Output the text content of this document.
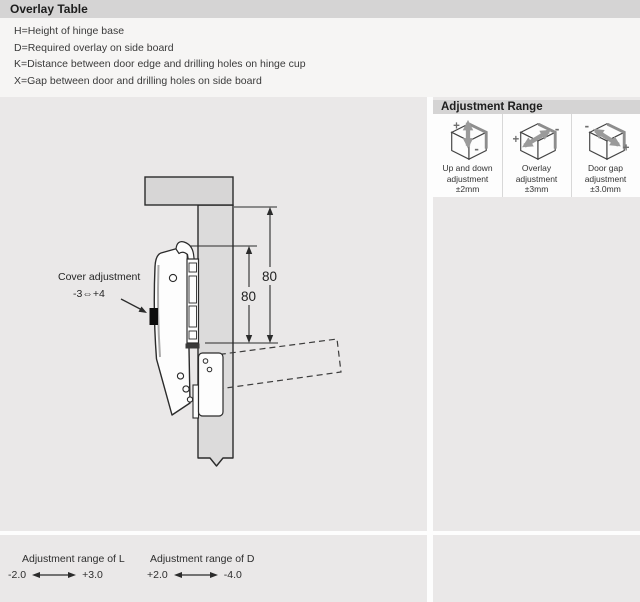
Overlay Table
H=Height of hinge base
D=Required overlay on side board
K=Distance between door edge and drilling holes on hinge cup
X=Gap between door and drilling holes on side board
80
80
Cover adjustment
-3⇔+4
Adjustment Range
+
-
+
- -
+
Up and down
adjustment
±2mm
Overlay
adjustment
±3mm
Door gap
adjustment
±3.0mm
Adjustment range of L
-2.0	+3.0
Adjustment range of D
+2.0	-4.0
